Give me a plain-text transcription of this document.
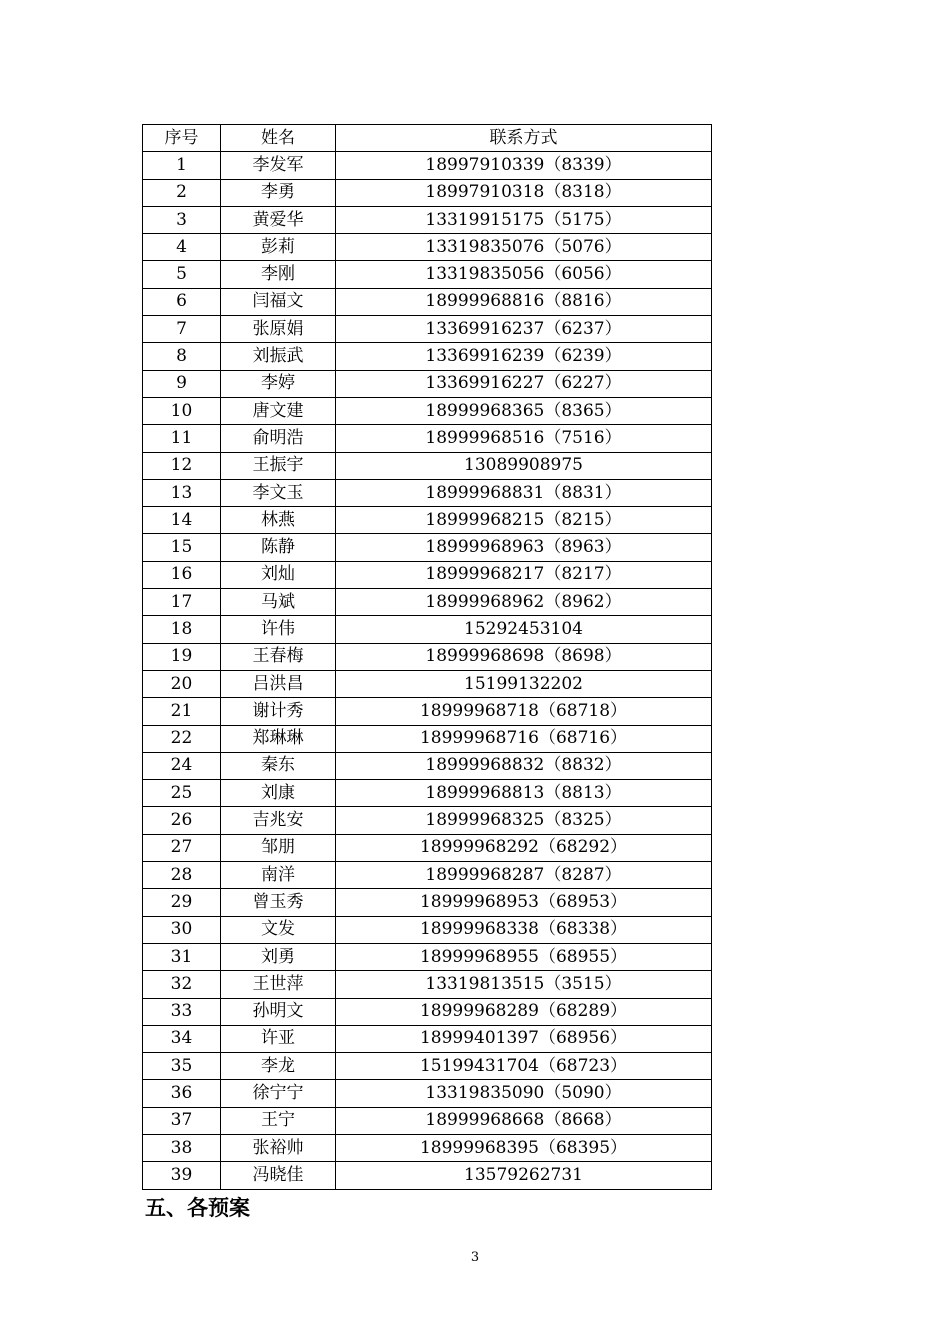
序号	姓名	联系方式
1	李发军	18997910339（8339）
2	李勇	18997910318（8318）
3	黄爱华	13319915175（5175）
4	彭莉	13319835076（5076）
5	李刚	13319835056（6056）
6	闫福文	18999968816（8816）
7	张原娟	13369916237（6237）
8	刘振武	13369916239（6239）
9	李婷	13369916227（6227）
10	唐文建	18999968365（8365）
11	俞明浩	18999968516（7516）
12	王振宇	13089908975
13	李文玉	18999968831（8831）
14	林燕	18999968215（8215）
15	陈静	18999968963（8963）
16	刘灿	18999968217（8217）
17	马斌	18999968962（8962）
18	许伟	15292453104
19	王春梅	18999968698（8698）
20	吕洪昌	15199132202
21	谢计秀	18999968718（68718）
22	郑琳琳	18999968716（68716）
24	秦东	18999968832（8832）
25	刘康	18999968813（8813）
26	吉兆安	18999968325（8325）
27	邹朋	18999968292（68292）
28	南洋	18999968287（8287）
29	曾玉秀	18999968953（68953）
30	文发	18999968338（68338）
31	刘勇	18999968955（68955）
32	王世萍	13319813515（3515）
33	孙明文	18999968289（68289）
34	许亚	18999401397（68956）
35	李龙	15199431704（68723）
36	徐宁宁	13319835090（5090）
37	王宁	18999968668（8668）
38	张裕帅	18999968395（68395）
39	冯晓佳	13579262731
五、各预案
3
